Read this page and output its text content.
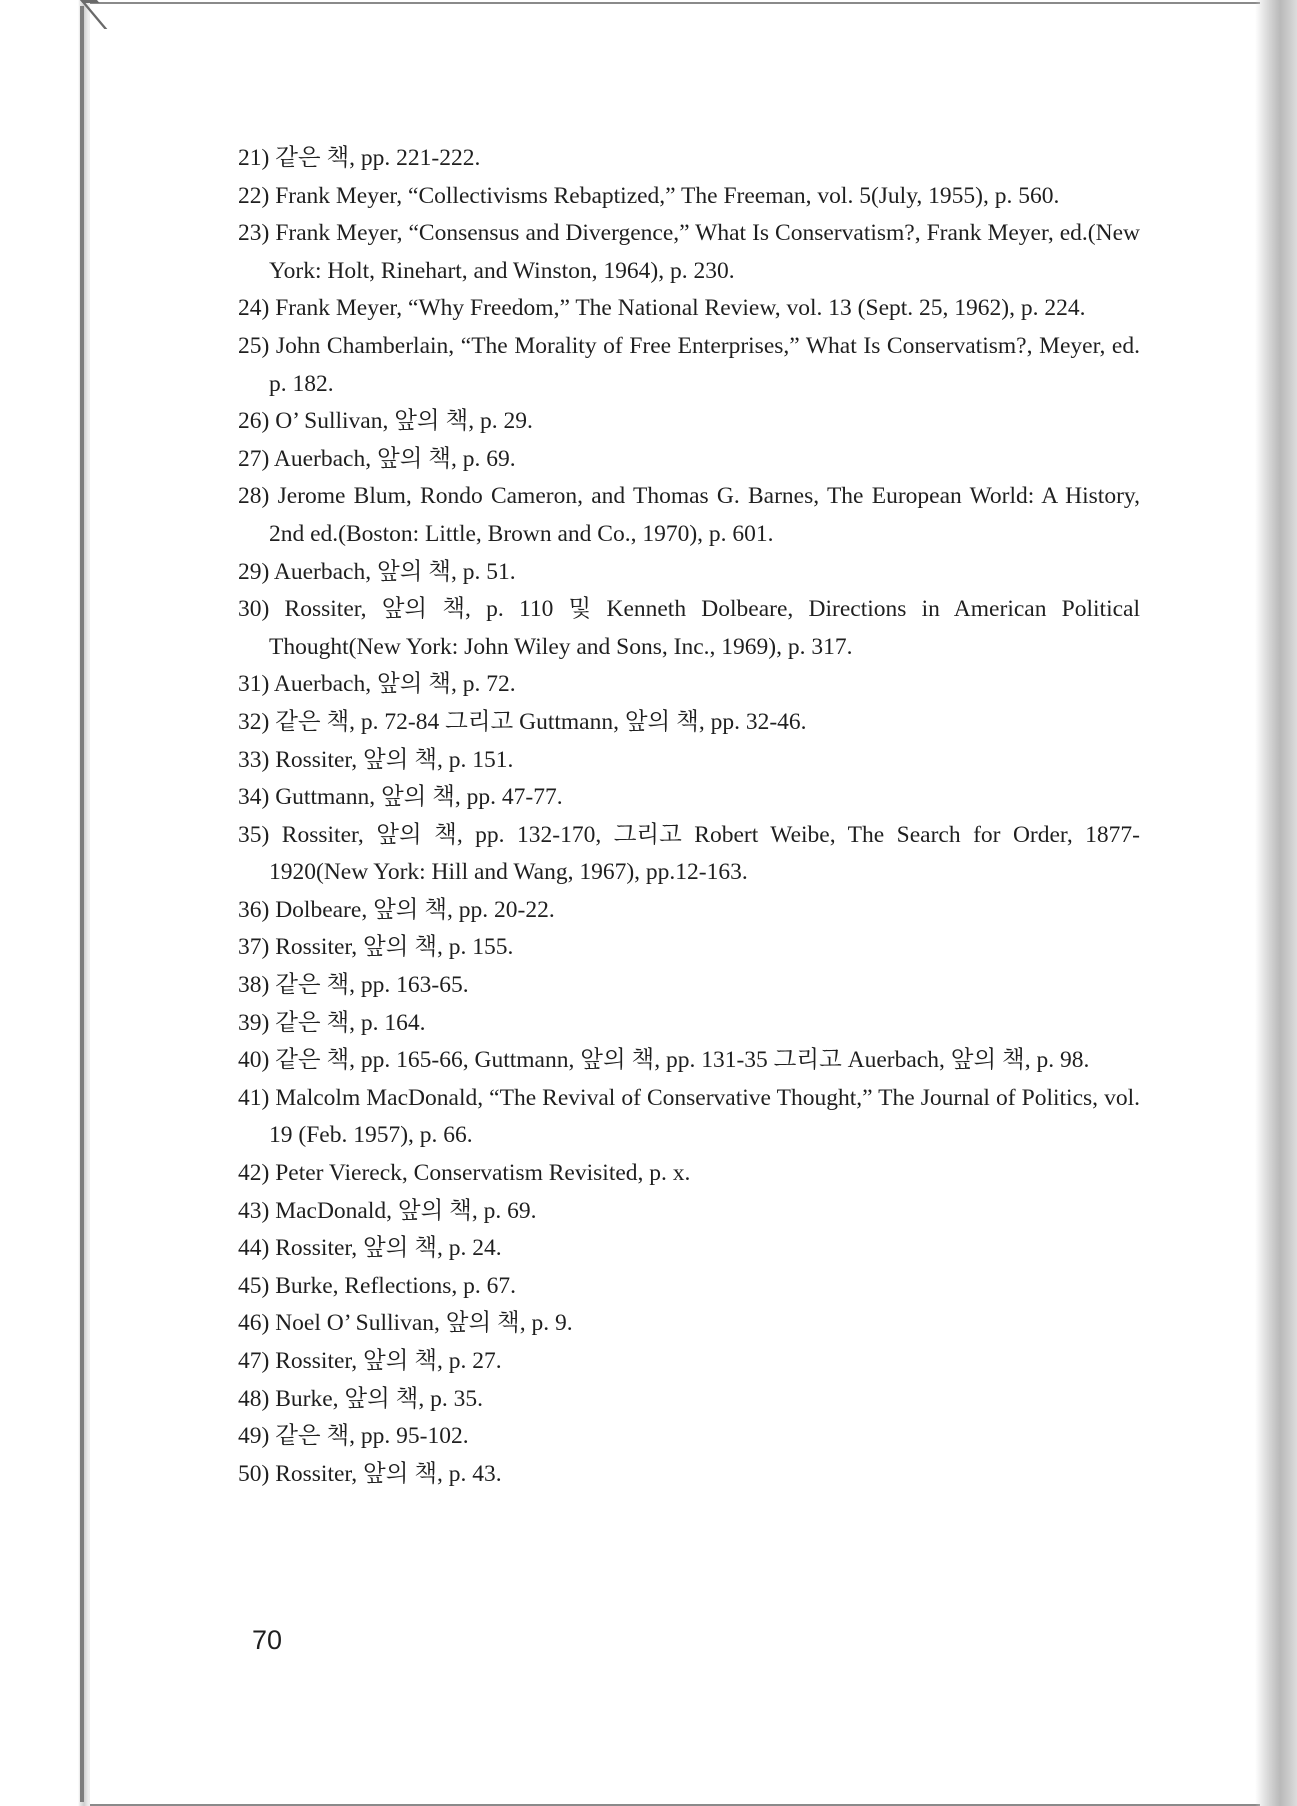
21) 같은 책, pp. 221-222.

22) Frank Meyer, “Collectivisms Rebaptized,” The Freeman, vol. 5(July, 1955), p. 560.

23) Frank Meyer, “Consensus and Divergence,” What Is Conservatism?, Frank Meyer, ed.(New York: Holt, Rinehart, and Winston, 1964), p. 230.

24) Frank Meyer, “Why Freedom,” The National Review, vol. 13 (Sept. 25, 1962), p. 224.

25) John Chamberlain, “The Morality of Free Enterprises,” What Is Conservatism?, Meyer, ed. p. 182.

26) O’ Sullivan, 앞의 책, p. 29.

27) Auerbach, 앞의 책, p. 69.

28) Jerome Blum, Rondo Cameron, and Thomas G. Barnes, The European World: A History, 2nd ed.(Boston: Little, Brown and Co., 1970), p. 601.

29) Auerbach, 앞의 책, p. 51.

30) Rossiter, 앞의 책, p. 110 및 Kenneth Dolbeare, Directions in American Political Thought(New York: John Wiley and Sons, Inc., 1969), p. 317.

31) Auerbach, 앞의 책, p. 72.

32) 같은 책, p. 72-84 그리고 Guttmann, 앞의 책, pp. 32-46.

33) Rossiter, 앞의 책, p. 151.

34) Guttmann, 앞의 책, pp. 47-77.

35) Rossiter, 앞의 책, pp. 132-170, 그리고 Robert Weibe, The Search for Order, 1877-1920(New York: Hill and Wang, 1967), pp.12-163.

36) Dolbeare, 앞의 책, pp. 20-22.

37) Rossiter, 앞의 책, p. 155.

38) 같은 책, pp. 163-65.

39) 같은 책, p. 164.

40) 같은 책, pp. 165-66, Guttmann, 앞의 책, pp. 131-35 그리고 Auerbach, 앞의 책, p. 98.

41) Malcolm MacDonald, “The Revival of Conservative Thought,” The Journal of Politics, vol. 19 (Feb. 1957), p. 66.

42) Peter Viereck, Conservatism Revisited, p. x.

43) MacDonald, 앞의 책, p. 69.

44) Rossiter, 앞의 책, p. 24.

45) Burke, Reflections, p. 67.

46) Noel O’ Sullivan, 앞의 책, p. 9.

47) Rossiter, 앞의 책, p. 27.

48) Burke, 앞의 책, p. 35.

49) 같은 책, pp. 95-102.

50) Rossiter, 앞의 책, p. 43.

70
